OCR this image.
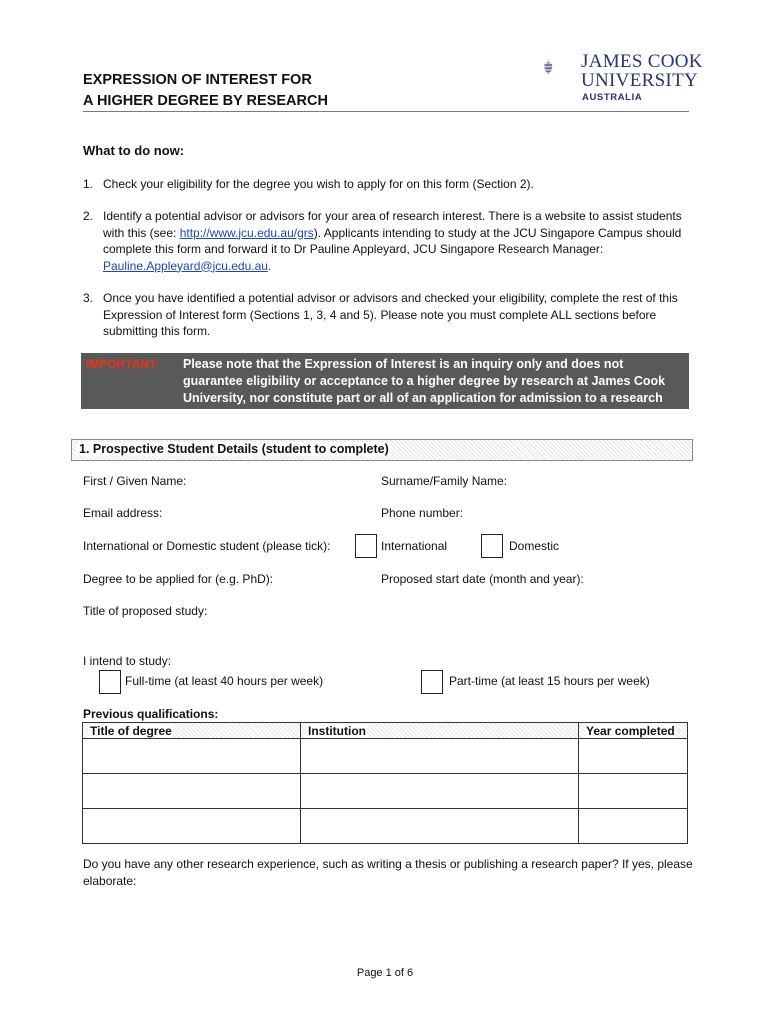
EXPRESSION OF INTEREST FOR
A HIGHER DEGREE BY RESEARCH
JAMES COOK
UNIVERSITY
AUSTRALIA
What to do now:
1. Check your eligibility for the degree you wish to apply for on this form (Section 2).
2. Identify a potential advisor or advisors for your area of research interest. There is a website to assist students with this (see: http://www.jcu.edu.au/grs). Applicants intending to study at the JCU Singapore Campus should complete this form and forward it to Dr Pauline Appleyard, JCU Singapore Research Manager: Pauline.Appleyard@jcu.edu.au.
3. Once you have identified a potential advisor or advisors and checked your eligibility, complete the rest of this Expression of Interest form (Sections 1, 3, 4 and 5). Please note you must complete ALL sections before submitting this form.
IMPORTANT: Please note that the Expression of Interest is an inquiry only and does not guarantee eligibility or acceptance to a higher degree by research at James Cook University, nor constitute part or all of an application for admission to a research degree.
1. Prospective Student Details (student to complete)
First / Given Name:	Surname/Family Name:
Email address:	Phone number:
International or Domestic student (please tick):	International	Domestic
Degree to be applied for (e.g. PhD):	Proposed start date (month and year):
Title of proposed study:
I intend to study:
Full-time (at least 40 hours per week)	Part-time (at least 15 hours per week)
Previous qualifications:
Title of degree	Institution	Year completed

Do you have any other research experience, such as writing a thesis or publishing a research paper? If yes, please elaborate:
Page 1 of 6
